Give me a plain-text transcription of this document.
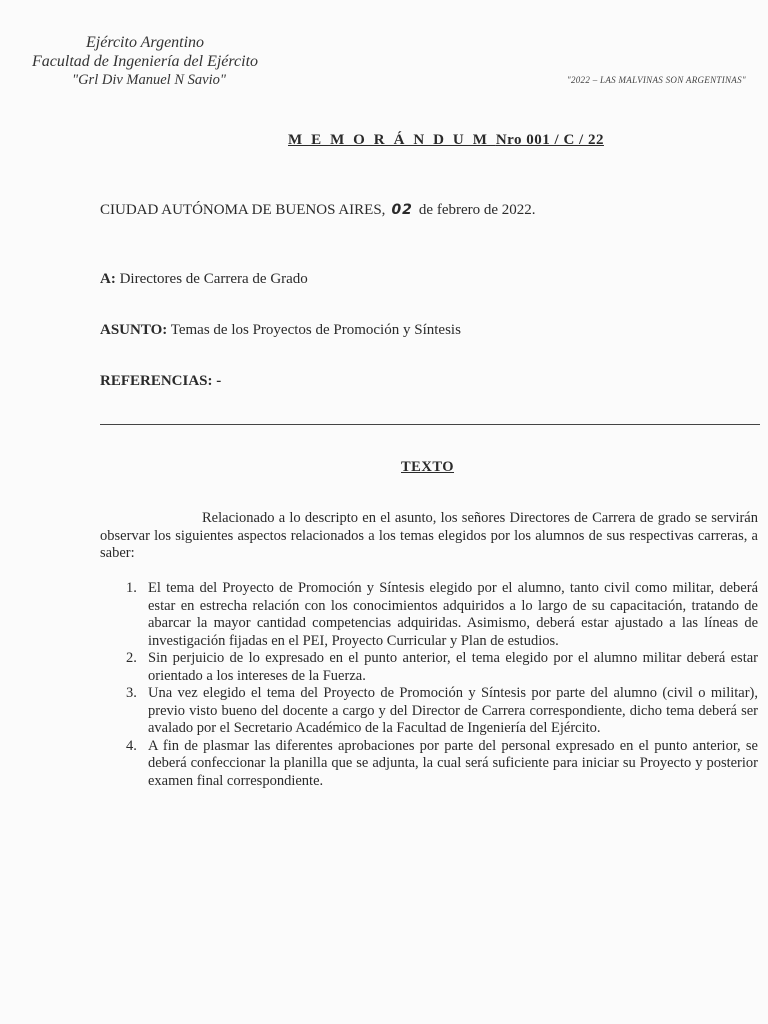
Ejército Argentino
Facultad de Ingeniería del Ejército
"Grl Div Manuel N Savio"	"2022 – LAS MALVINAS SON ARGENTINAS"
M E M O R Á N D U M Nro 001 / C / 22
CIUDAD AUTÓNOMA DE BUENOS AIRES, 02 de febrero de 2022.
A: Directores de Carrera de Grado
ASUNTO: Temas de los Proyectos de Promoción y Síntesis
REFERENCIAS: -
TEXTO
Relacionado a lo descripto en el asunto, los señores Directores de Carrera de grado se servirán observar los siguientes aspectos relacionados a los temas elegidos por los alumnos de sus respectivas carreras, a saber:
1. El tema del Proyecto de Promoción y Síntesis elegido por el alumno, tanto civil como militar, deberá estar en estrecha relación con los conocimientos adquiridos a lo largo de su capacitación, tratando de abarcar la mayor cantidad competencias adquiridas. Asimismo, deberá estar ajustado a las líneas de investigación fijadas en el PEI, Proyecto Curricular y Plan de estudios.
2. Sin perjuicio de lo expresado en el punto anterior, el tema elegido por el alumno militar deberá estar orientado a los intereses de la Fuerza.
3. Una vez elegido el tema del Proyecto de Promoción y Síntesis por parte del alumno (civil o militar), previo visto bueno del docente a cargo y del Director de Carrera correspondiente, dicho tema deberá ser avalado por el Secretario Académico de la Facultad de Ingeniería del Ejército.
4. A fin de plasmar las diferentes aprobaciones por parte del personal expresado en el punto anterior, se deberá confeccionar la planilla que se adjunta, la cual será suficiente para iniciar su Proyecto y posterior examen final correspondiente.
